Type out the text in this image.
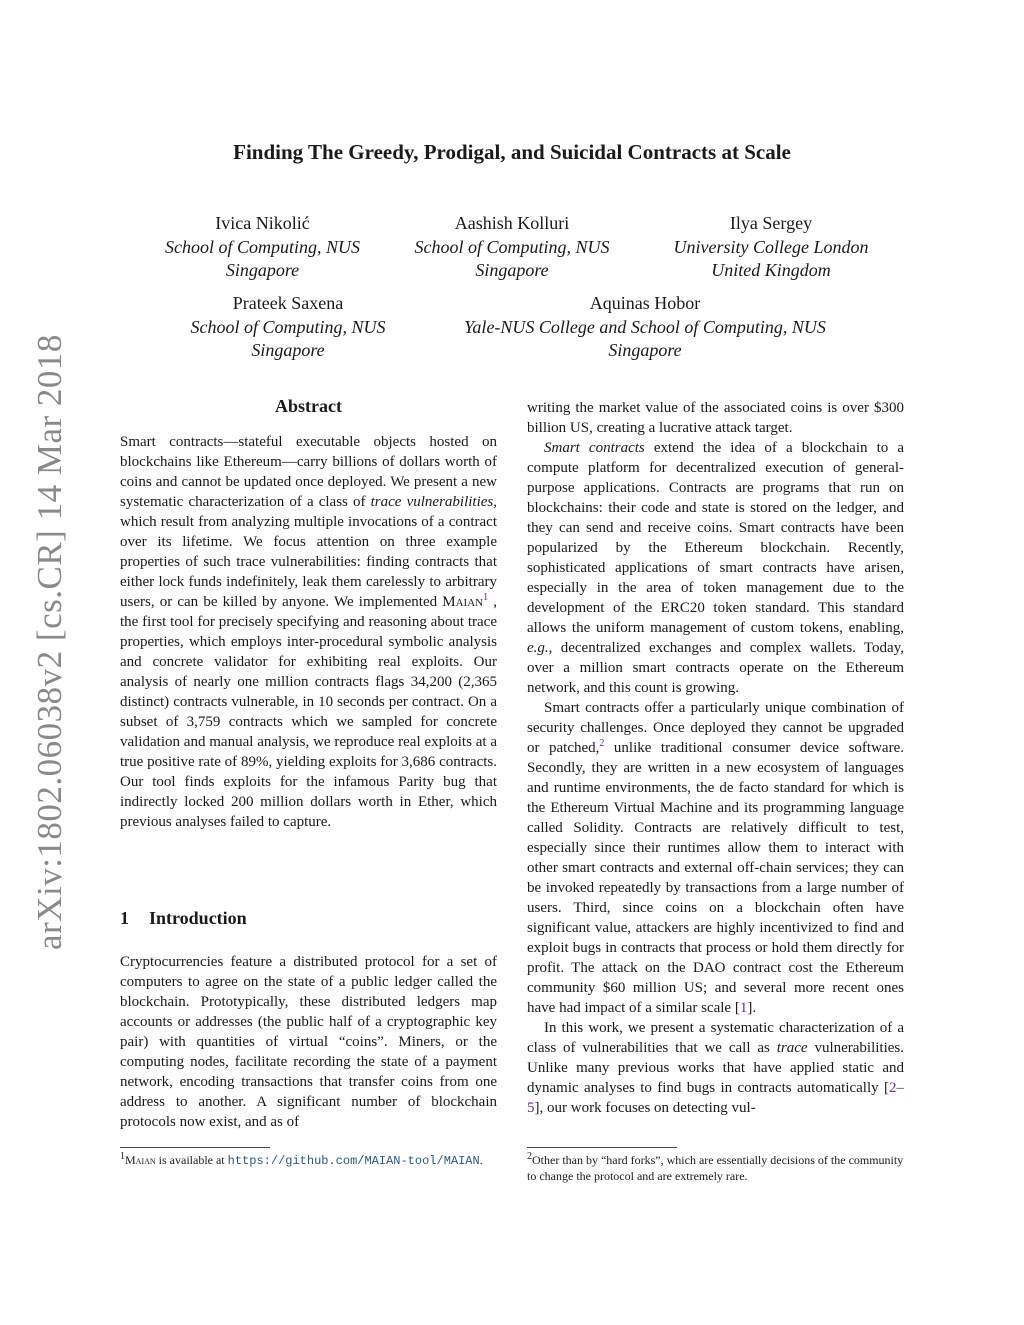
arXiv:1802.06038v2 [cs.CR] 14 Mar 2018
Finding The Greedy, Prodigal, and Suicidal Contracts at Scale
Ivica Nikolić
School of Computing, NUS
Singapore
Aashish Kolluri
School of Computing, NUS
Singapore
Ilya Sergey
University College London
United Kingdom
Prateek Saxena
School of Computing, NUS
Singapore
Aquinas Hobor
Yale-NUS College and School of Computing, NUS
Singapore
Abstract

Smart contracts—stateful executable objects hosted on blockchains like Ethereum—carry billions of dollars worth of coins and cannot be updated once deployed. We present a new systematic characterization of a class of trace vulnerabilities, which result from analyzing multiple invocations of a contract over its lifetime. We focus attention on three example properties of such trace vulnerabilities: finding contracts that either lock funds indefinitely, leak them carelessly to arbitrary users, or can be killed by anyone. We implemented Maian$^1$ , the first tool for precisely specifying and reasoning about trace properties, which employs inter-procedural symbolic analysis and concrete validator for exhibiting real exploits. Our analysis of nearly one million contracts flags 34,200 (2,365 distinct) contracts vulnerable, in 10 seconds per contract. On a subset of 3,759 contracts which we sampled for concrete validation and manual analysis, we reproduce real exploits at a true positive rate of 89%, yielding exploits for 3,686 contracts. Our tool finds exploits for the infamous Parity bug that indirectly locked 200 million dollars worth in Ether, which previous analyses failed to capture.

1 Introduction

Cryptocurrencies feature a distributed protocol for a set of computers to agree on the state of a public ledger called the blockchain. Prototypically, these distributed ledgers map accounts or addresses (the public half of a cryptographic key pair) with quantities of virtual “coins”. Miners, or the computing nodes, facilitate recording the state of a payment network, encoding transactions that transfer coins from one address to another. A significant number of blockchain protocols now exist, and as of

$^1$Maian is available at https://github.com/MAIAN-tool/MAIAN.

writing the market value of the associated coins is over $300 billion US, creating a lucrative attack target.

Smart contracts extend the idea of a blockchain to a compute platform for decentralized execution of general-purpose applications. Contracts are programs that run on blockchains: their code and state is stored on the ledger, and they can send and receive coins. Smart contracts have been popularized by the Ethereum blockchain. Recently, sophisticated applications of smart contracts have arisen, especially in the area of token management due to the development of the ERC20 token standard. This standard allows the uniform management of custom tokens, enabling, e.g., decentralized exchanges and complex wallets. Today, over a million smart contracts operate on the Ethereum network, and this count is growing.

Smart contracts offer a particularly unique combination of security challenges. Once deployed they cannot be upgraded or patched,$^2$ unlike traditional consumer device software. Secondly, they are written in a new ecosystem of languages and runtime environments, the de facto standard for which is the Ethereum Virtual Machine and its programming language called Solidity. Contracts are relatively difficult to test, especially since their runtimes allow them to interact with other smart contracts and external off-chain services; they can be invoked repeatedly by transactions from a large number of users. Third, since coins on a blockchain often have significant value, attackers are highly incentivized to find and exploit bugs in contracts that process or hold them directly for profit. The attack on the DAO contract cost the Ethereum community $60 million US; and several more recent ones have had impact of a similar scale [1].

In this work, we present a systematic characterization of a class of vulnerabilities that we call as trace vulnerabilities. Unlike many previous works that have applied static and dynamic analyses to find bugs in contracts automatically [2–5], our work focuses on detecting vul-

$^2$Other than by “hard forks”, which are essentially decisions of the community to change the protocol and are extremely rare.
